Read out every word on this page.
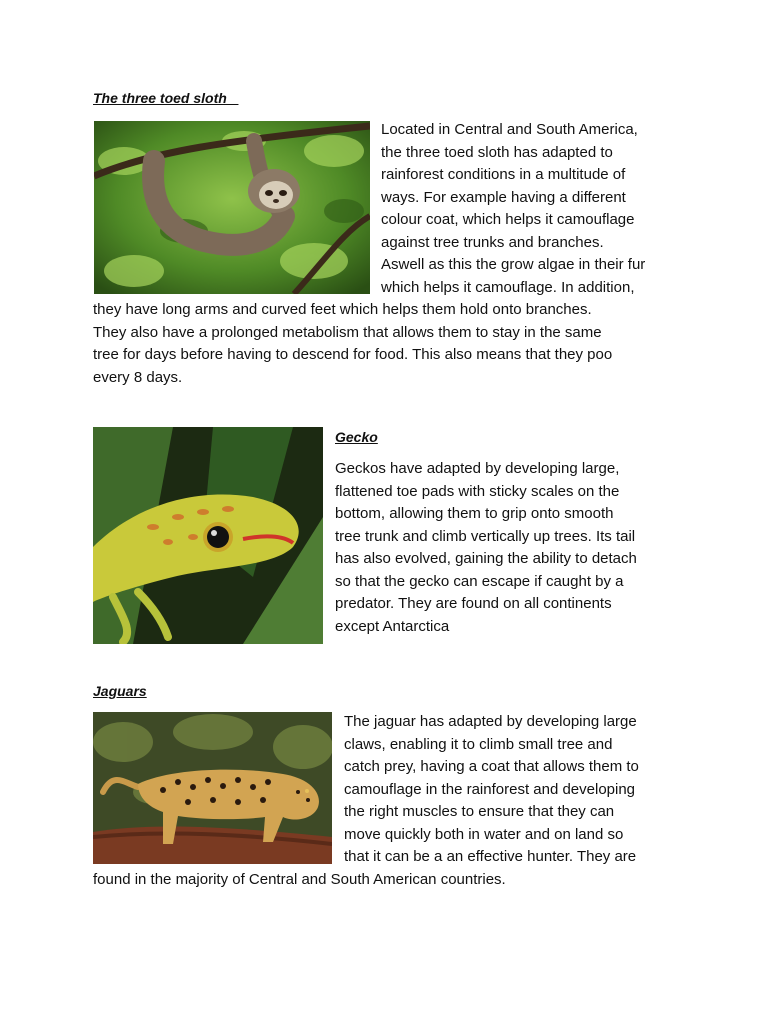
The three toed sloth
Located in Central and South America,
the three toed sloth has adapted to
rainforest conditions in a multitude of
ways. For example having a different
colour coat, which helps it camouflage
against tree trunks and branches.
Aswell as this the grow algae in their fur
which helps it camouflage. In addition,
they have long arms and curved feet which helps them hold onto branches.
They also have a prolonged metabolism that allows them to stay in the same
tree for days before having to descend for food. This also means that they poo
every 8 days.
Gecko
Geckos have adapted by developing large,
flattened toe pads with sticky scales on the
bottom, allowing them to grip onto smooth
tree trunk and climb vertically up trees. Its tail
has also evolved, gaining the ability to detach
so that the gecko can escape if caught by a
predator. They are found on all continents
except Antarctica
Jaguars
The jaguar has adapted by developing large
claws, enabling it to climb small tree and
catch prey, having a coat that allows them to
camouflage in the rainforest and developing
the right muscles to ensure that they can
move quickly both in water and on land so
that it can be a an effective hunter. They are
found in the majority of Central and South American countries.
